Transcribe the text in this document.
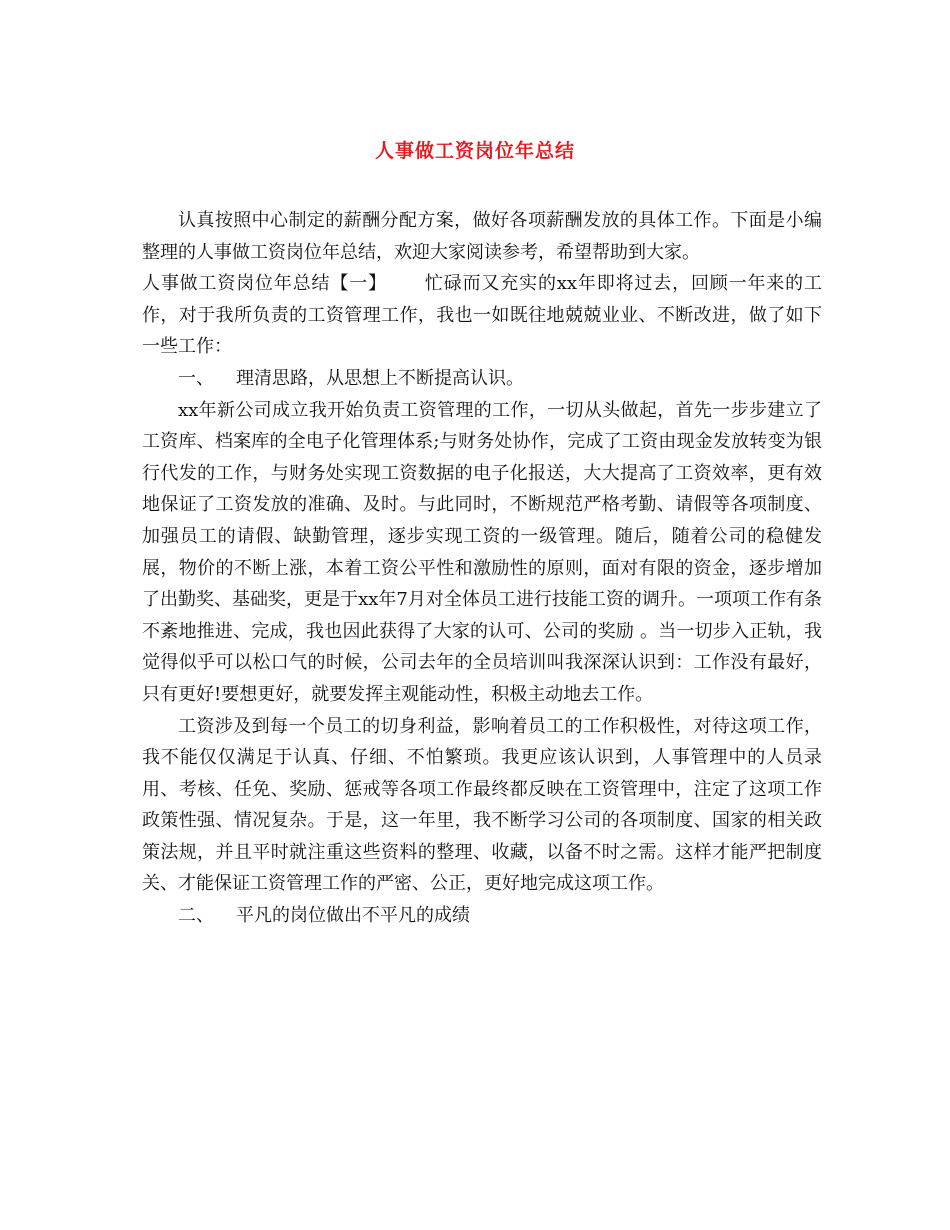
人事做工资岗位年总结

认真按照中心制定的薪酬分配方案，做好各项薪酬发放的具体工作。下面是小编整理的人事做工资岗位年总结，欢迎大家阅读参考，希望帮助到大家。

人事做工资岗位年总结【一】 忙碌而又充实的xx年即将过去，回顾一年来的工作，对于我所负责的工资管理工作，我也一如既往地兢兢业业、不断改进，做了如下一些工作：

一、 理清思路，从思想上不断提高认识。

xx年新公司成立我开始负责工资管理的工作，一切从头做起，首先一步步建立了工资库、档案库的全电子化管理体系;与财务处协作，完成了工资由现金发放转变为银行代发的工作，与财务处实现工资数据的电子化报送，大大提高了工资效率，更有效地保证了工资发放的准确、及时。与此同时，不断规范严格考勤、请假等各项制度、加强员工的请假、缺勤管理，逐步实现工资的一级管理。随后，随着公司的稳健发展，物价的不断上涨，本着工资公平性和激励性的原则，面对有限的资金，逐步增加了出勤奖、基础奖，更是于xx年7月对全体员工进行技能工资的调升。一项项工作有条不紊地推进、完成，我也因此获得了大家的认可、公司的奖励 。当一切步入正轨，我觉得似乎可以松口气的时候，公司去年的全员培训叫我深深认识到：工作没有最好，只有更好!要想更好，就要发挥主观能动性，积极主动地去工作。

工资涉及到每一个员工的切身利益，影响着员工的工作积极性，对待这项工作，我不能仅仅满足于认真、仔细、不怕繁琐。我更应该认识到，人事管理中的人员录用、考核、任免、奖励、惩戒等各项工作最终都反映在工资管理中，注定了这项工作政策性强、情况复杂。于是，这一年里，我不断学习公司的各项制度、国家的相关政策法规，并且平时就注重这些资料的整理、收藏，以备不时之需。这样才能严把制度关、才能保证工资管理工作的严密、公正，更好地完成这项工作。

二、 平凡的岗位做出不平凡的成绩
